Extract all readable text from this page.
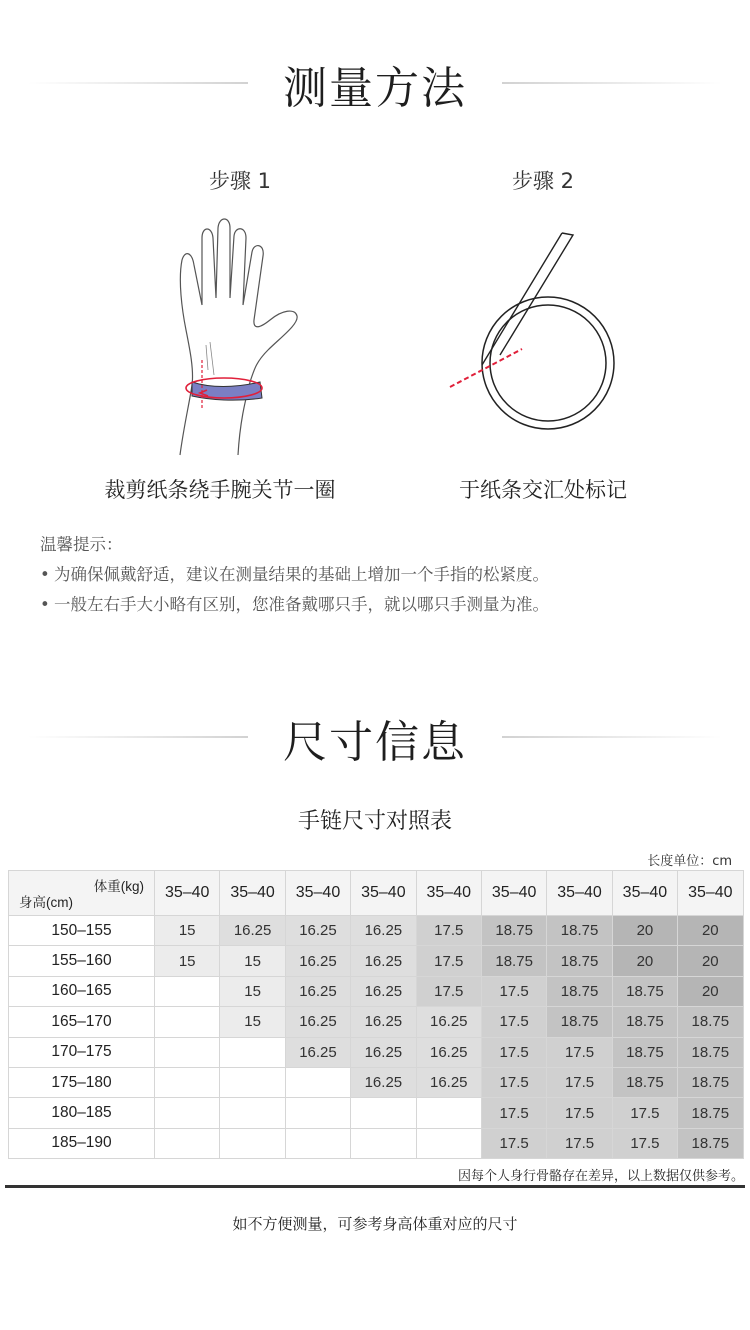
测量方法
步骤 1	步骤 2
裁剪纸条绕手腕关节一圈	于纸条交汇处标记
温馨提示：
• 为确保佩戴舒适，建议在测量结果的基础上增加一个手指的松紧度。
• 一般左右手大小略有区别，您准备戴哪只手，就以哪只手测量为准。
尺寸信息
手链尺寸对照表
长度单位：cm
体重(kg)
身高(cm)	35–40	35–40	35–40	35–40	35–40	35–40	35–40	35–40	35–40
150–155	15	16.25	16.25	16.25	17.5	18.75	18.75	20	20
155–160	15	15	16.25	16.25	17.5	18.75	18.75	20	20
160–165		15	16.25	16.25	17.5	17.5	18.75	18.75	20
165–170		15	16.25	16.25	16.25	17.5	18.75	18.75	18.75
170–175			16.25	16.25	16.25	17.5	17.5	18.75	18.75
175–180				16.25	16.25	17.5	17.5	18.75	18.75
180–185						17.5	17.5	17.5	18.75
185–190						17.5	17.5	17.5	18.75
因每个人身行骨骼存在差异，以上数据仅供参考。
如不方便测量，可参考身高体重对应的尺寸
